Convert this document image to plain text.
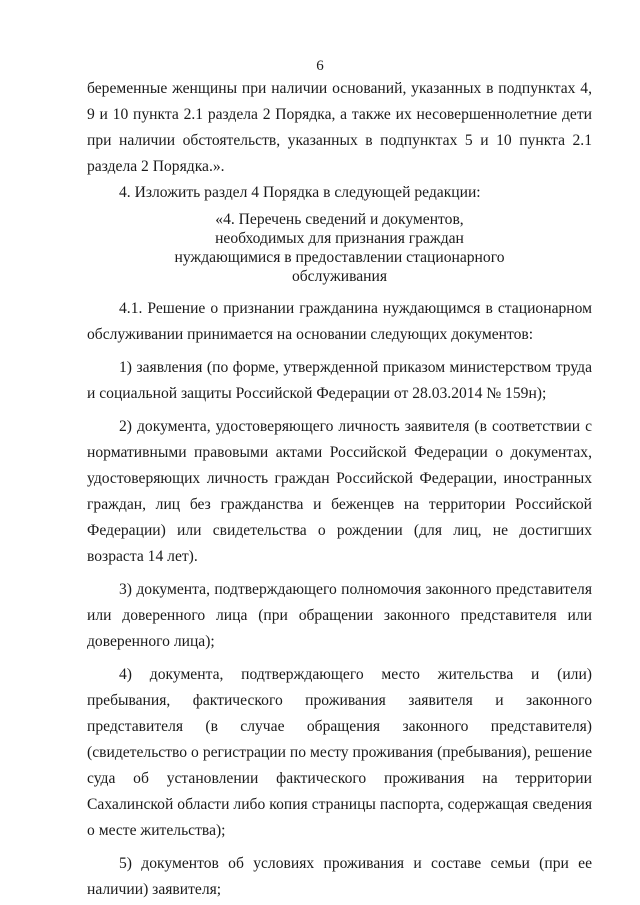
6

беременные женщины при наличии оснований, указанных в подпунктах 4, 9 и 10 пункта 2.1 раздела 2 Порядка, а также их несовершеннолетние дети при наличии обстоятельств, указанных в подпунктах 5 и 10 пункта 2.1 раздела 2 Порядка.».

4. Изложить раздел 4 Порядка в следующей редакции:

«4. Перечень сведений и документов,
необходимых для признания граждан
нуждающимися в предоставлении стационарного
обслуживания

4.1. Решение о признании гражданина нуждающимся в стационарном обслуживании принимается на основании следующих документов:

1) заявления (по форме, утвержденной приказом министерством труда и социальной защиты Российской Федерации от 28.03.2014 № 159н);

2) документа, удостоверяющего личность заявителя (в соответствии с нормативными правовыми актами Российской Федерации о документах, удостоверяющих личность граждан Российской Федерации, иностранных граждан, лиц без гражданства и беженцев на территории Российской Федерации) или свидетельства о рождении (для лиц, не достигших возраста 14 лет).

3) документа, подтверждающего полномочия законного представителя или доверенного лица (при обращении законного представителя или доверенного лица);

4) документа, подтверждающего место жительства и (или) пребывания, фактического проживания заявителя и законного представителя (в случае обращения законного представителя) (свидетельство о регистрации по месту проживания (пребывания), решение суда об установлении фактического проживания на территории Сахалинской области либо копия страницы паспорта, содержащая сведения о месте жительства);

5) документов об условиях проживания и составе семьи (при ее наличии) заявителя;
